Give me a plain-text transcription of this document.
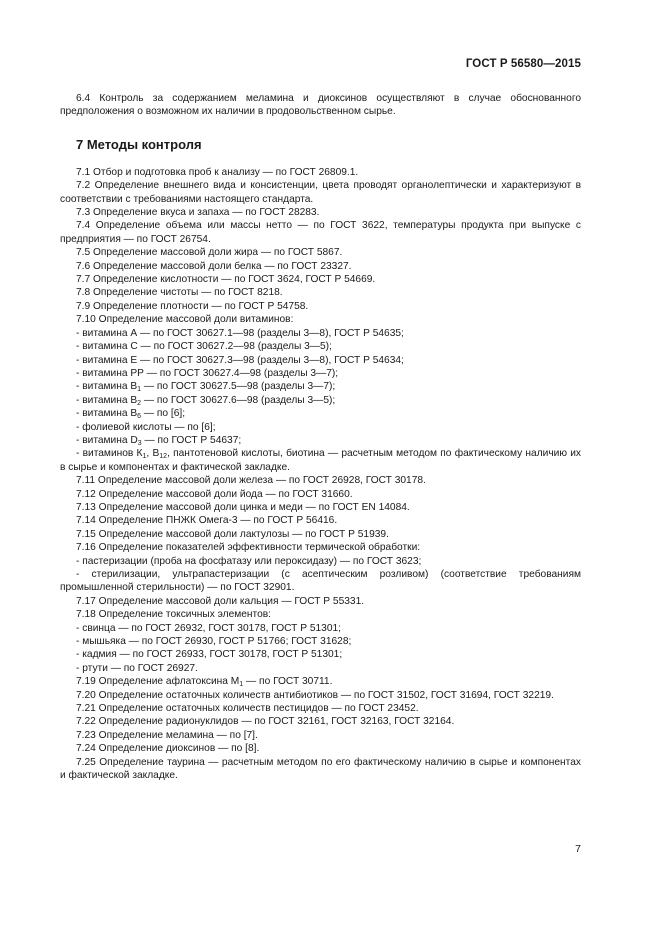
ГОСТ Р 56580—2015

6.4 Контроль за содержанием меламина и диоксинов осуществляют в случае обоснованного предположения о возможном их наличии в продовольственном сырье.

7 Методы контроля

7.1 Отбор и подготовка проб к анализу — по ГОСТ 26809.1.

7.2 Определение внешнего вида и консистенции, цвета проводят органолептически и характеризуют в соответствии с требованиями настоящего стандарта.

7.3 Определение вкуса и запаха — по ГОСТ 28283.

7.4 Определение объема или массы нетто — по ГОСТ 3622, температуры продукта при выпуске с предприятия — по ГОСТ 26754.

7.5 Определение массовой доли жира — по ГОСТ 5867.

7.6 Определение массовой доли белка — по ГОСТ 23327.

7.7 Определение кислотности — по ГОСТ 3624, ГОСТ Р 54669.

7.8 Определение чистоты — по ГОСТ 8218.

7.9 Определение плотности — по ГОСТ Р 54758.

7.10 Определение массовой доли витаминов:

- витамина А — по ГОСТ 30627.1—98 (разделы 3—8), ГОСТ Р 54635;

- витамина С — по ГОСТ 30627.2—98 (разделы 3—5);

- витамина Е — по ГОСТ 30627.3—98 (разделы 3—8), ГОСТ Р 54634;

- витамина РР — по ГОСТ 30627.4—98 (разделы 3—7);

- витамина $В_1$ — по ГОСТ 30627.5—98 (разделы 3—7);

- витамина $В_2$ — по ГОСТ 30627.6—98 (разделы 3—5);

- витамина $В_6$ — по [6];

- фолиевой кислоты — по [6];

- витамина $D_3$ — по ГОСТ Р 54637;

- витаминов $К_1$, $В_{12}$, пантотеновой кислоты, биотина — расчетным методом по фактическому наличию их в сырье и компонентах и фактической закладке.

7.11 Определение массовой доли железа — по ГОСТ 26928, ГОСТ 30178.

7.12 Определение массовой доли йода — по ГОСТ 31660.

7.13 Определение массовой доли цинка и меди — по ГОСТ EN 14084.

7.14 Определение ПНЖК Омега-3 — по ГОСТ Р 56416.

7.15 Определение массовой доли лактулозы — по ГОСТ Р 51939.

7.16 Определение показателей эффективности термической обработки:

- пастеризации (проба на фосфатазу или пероксидазу) — по ГОСТ 3623;

- стерилизации, ультрапастеризации (с асептическим розливом) (соответствие требованиям промышленной стерильности) — по ГОСТ 32901.

7.17 Определение массовой доли кальция — ГОСТ Р 55331.

7.18 Определение токсичных элементов:

- свинца — по ГОСТ 26932, ГОСТ 30178, ГОСТ Р 51301;

- мышьяка — по ГОСТ 26930, ГОСТ Р 51766; ГОСТ 31628;

- кадмия — по ГОСТ 26933, ГОСТ 30178, ГОСТ Р 51301;

- ртути — по ГОСТ 26927.

7.19 Определение афлатоксина $М_1$ — по ГОСТ 30711.

7.20 Определение остаточных количеств антибиотиков — по ГОСТ 31502, ГОСТ 31694, ГОСТ 32219.

7.21 Определение остаточных количеств пестицидов — по ГОСТ 23452.

7.22 Определение радионуклидов — по ГОСТ 32161, ГОСТ 32163, ГОСТ 32164.

7.23 Определение меламина — по [7].

7.24 Определение диоксинов — по [8].

7.25 Определение таурина — расчетным методом по его фактическому наличию в сырье и компонентах и фактической закладке.

7
